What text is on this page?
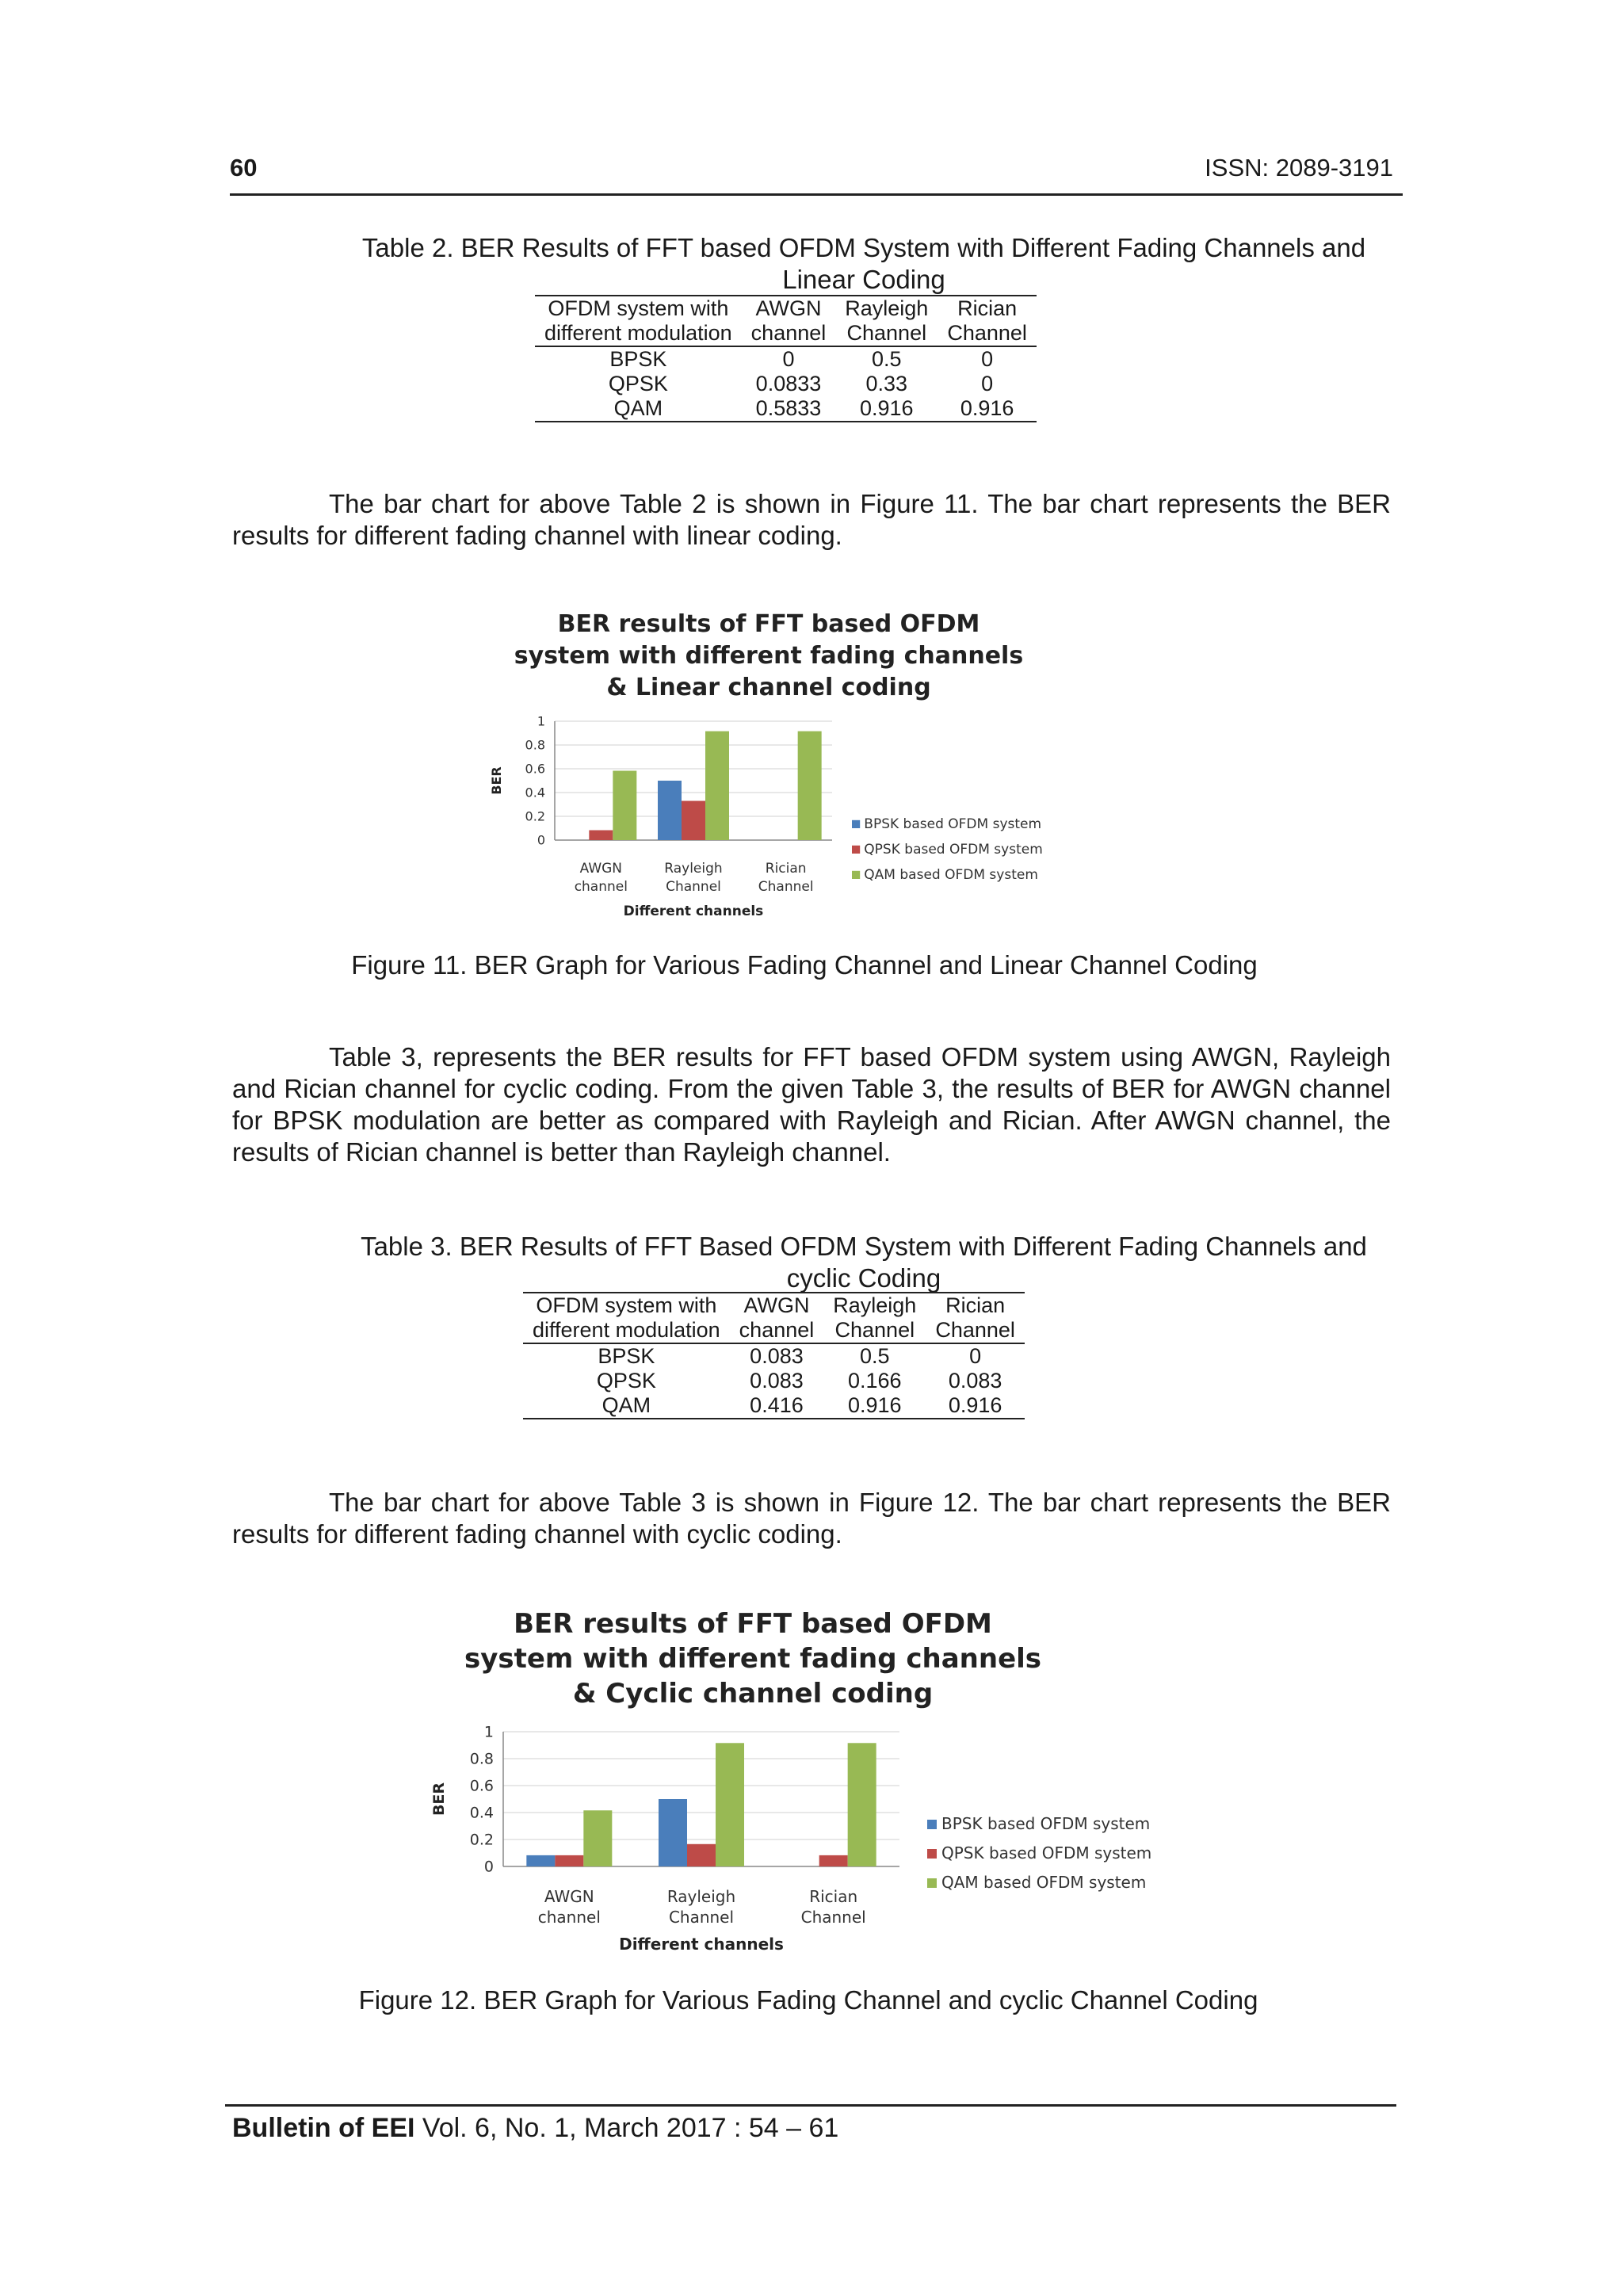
60	ISSN: 2089-3191
Table 2. BER Results of FFT based OFDM System with Different Fading Channels and Linear Coding
OFDM system with	AWGN	Rayleigh	Rician
different modulation	channel	Channel	Channel
BPSK	0	0.5	0
QPSK	0.0833	0.33	0
QAM	0.5833	0.916	0.916
The bar chart for above Table 2 is shown in Figure 11. The bar chart represents the BER results for different fading channel with linear coding.
BER results of FFT based OFDM
system with different fading channels
& Linear channel coding
0
0.2
0.4
0.6
0.8
1
BER
AWGN
channel
Rayleigh
Channel
Rician
Channel
Different channels
BPSK based OFDM system
QPSK based OFDM system
QAM based OFDM system
Figure 11. BER Graph for Various Fading Channel and Linear Channel Coding
Table 3, represents the BER results for FFT based OFDM system using AWGN, Rayleigh and Rician channel for cyclic coding. From the given Table 3, the results of BER for AWGN channel for BPSK modulation are better as compared with Rayleigh and Rician. After AWGN channel, the results of Rician channel is better than Rayleigh channel.
Table 3. BER Results of FFT Based OFDM System with Different Fading Channels and cyclic Coding
OFDM system with	AWGN	Rayleigh	Rician
different modulation	channel	Channel	Channel
BPSK	0.083	0.5	0
QPSK	0.083	0.166	0.083
QAM	0.416	0.916	0.916
The bar chart for above Table 3 is shown in Figure 12. The bar chart represents the BER results for different fading channel with cyclic coding.
BER results of FFT based OFDM
system with different fading channels
& Cyclic channel coding
0
0.2
0.4
0.6
0.8
1
BER
AWGN
channel
Rayleigh
Channel
Rician
Channel
Different channels
BPSK based OFDM system
QPSK based OFDM system
QAM based OFDM system
Figure 12. BER Graph for Various Fading Channel and cyclic Channel Coding
Bulletin of EEI Vol. 6, No. 1, March 2017 : 54 – 61
